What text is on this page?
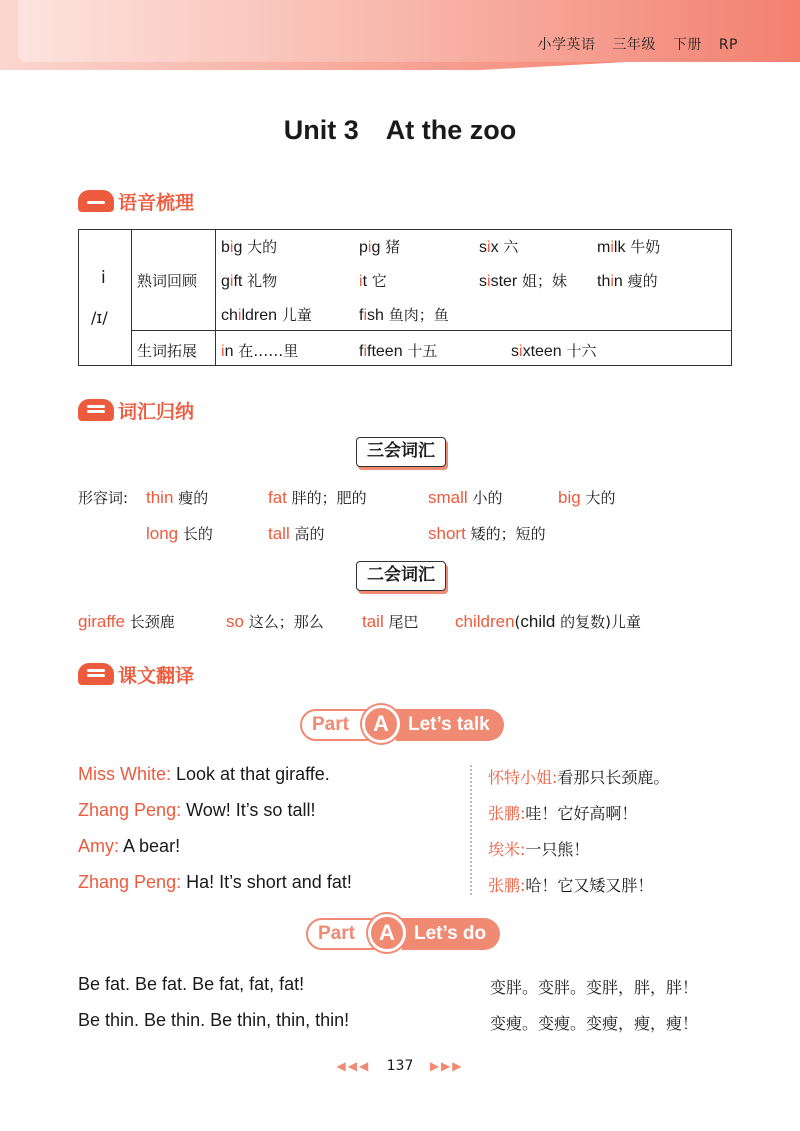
小学英语 三年级 下册 RP
Unit 3　At the zoo
语音梳理
i
/ɪ/
熟词回顾
生词拓展
big 大的	pig 猪	six 六	milk 牛奶
gift 礼物	it 它	sister 姐；妹 thin 瘦的
children 儿童	fish 鱼肉；鱼
in 在……里	fifteen 十五	sixteen 十六
词汇归纳
三会词汇
形容词: thin 瘦的	fat 胖的；肥的	small 小的	big 大的
long 长的	tall 高的	short 矮的；短的
二会词汇
giraffe 长颈鹿	so 这么；那么 tail 尾巴 children(child 的复数)儿童
课文翻译
Part	Let’s talk
A
Miss White: Look at that giraffe.	怀特小姐:看那只长颈鹿。
Zhang Peng: Wow! It’s so tall!	张鹏:哇！它好高啊！
Amy: A bear!	埃米:一只熊！
Zhang Peng: Ha! It’s short and fat!	张鹏:哈！它又矮又胖！
Part	Let’s do
A
Be fat. Be fat. Be fat, fat, fat!	变胖。变胖。变胖，胖，胖！
Be thin. Be thin. Be thin, thin, thin!	变瘦。变瘦。变瘦，瘦，瘦！
◀◀◀ 137 ▶▶▶
